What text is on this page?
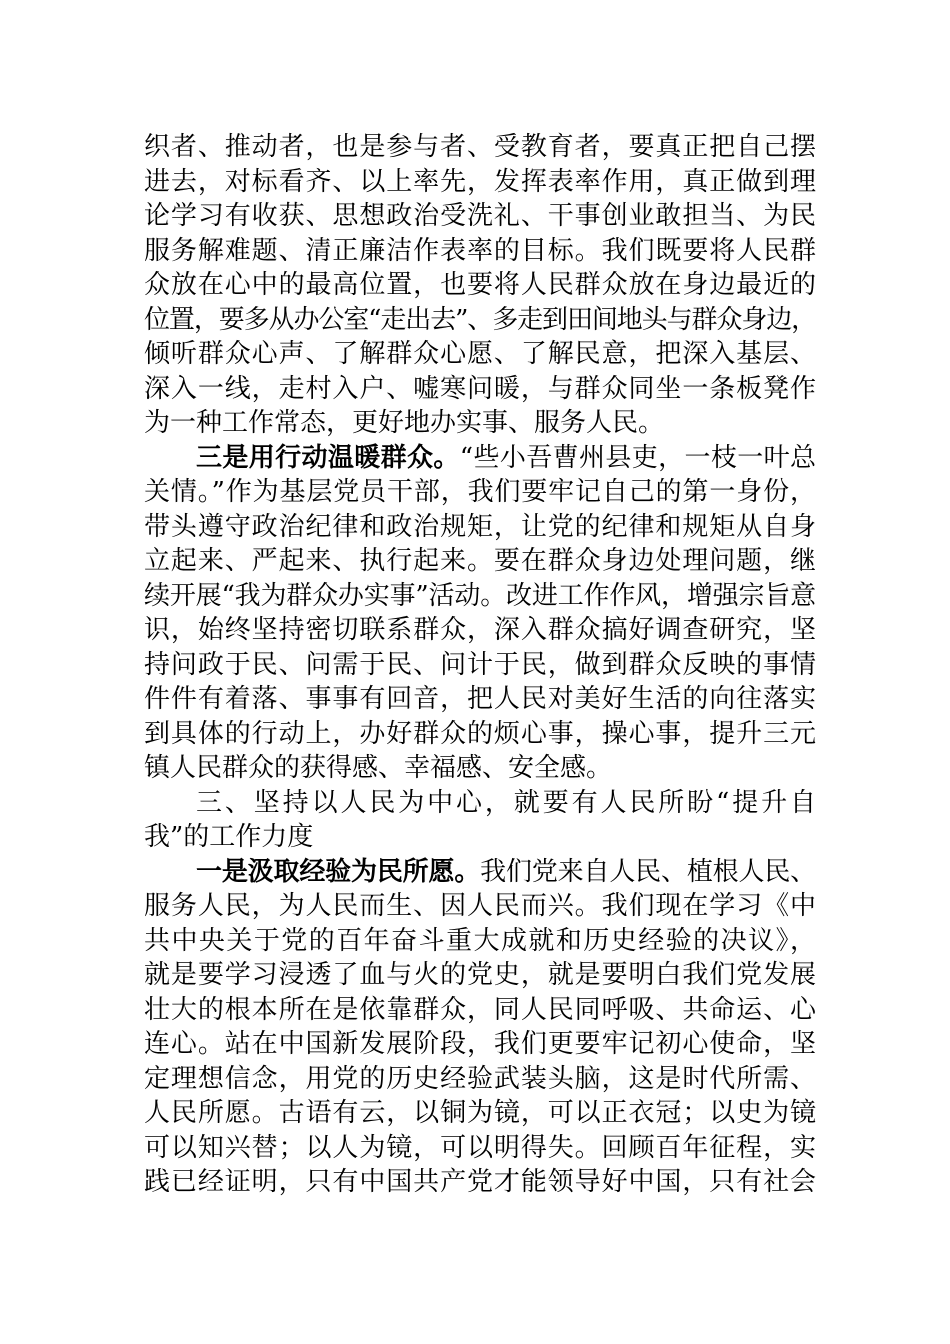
织者、推动者，也是参与者、受教育者，要真正把自己摆
进去，对标看齐、以上率先，发挥表率作用，真正做到理
论学习有收获、思想政治受洗礼、干事创业敢担当、为民
服务解难题、清正廉洁作表率的目标。我们既要将人民群
众放在心中的最高位置，也要将人民群众放在身边最近的
位置，要多从办公室“走出去”、多走到田间地头与群众身边，
倾听群众心声、了解群众心愿、了解民意，把深入基层、
深入一线，走村入户、嘘寒问暖，与群众同坐一条板凳作
为一种工作常态，更好地办实事、服务人民。
三是用行动温暖群众。“些小吾曹州县吏，一枝一叶总
关情。”作为基层党员干部，我们要牢记自己的第一身份，
带头遵守政治纪律和政治规矩，让党的纪律和规矩从自身
立起来、严起来、执行起来。要在群众身边处理问题，继
续开展“我为群众办实事”活动。改进工作作风，增强宗旨意
识，始终坚持密切联系群众，深入群众搞好调查研究，坚
持问政于民、问需于民、问计于民，做到群众反映的事情
件件有着落、事事有回音，把人民对美好生活的向往落实
到具体的行动上，办好群众的烦心事，操心事，提升三元
镇人民群众的获得感、幸福感、安全感。
三、坚持以人民为中心，就要有人民所盼“提升自
我”的工作力度
一是汲取经验为民所愿。我们党来自人民、植根人民、
服务人民，为人民而生、因人民而兴。我们现在学习《中
共中央关于党的百年奋斗重大成就和历史经验的决议》，
就是要学习浸透了血与火的党史，就是要明白我们党发展
壮大的根本所在是依靠群众，同人民同呼吸、共命运、心
连心。站在中国新发展阶段，我们更要牢记初心使命，坚
定理想信念，用党的历史经验武装头脑，这是时代所需、
人民所愿。古语有云，以铜为镜，可以正衣冠；以史为镜
可以知兴替；以人为镜，可以明得失。回顾百年征程，实
践已经证明，只有中国共产党才能领导好中国，只有社会
